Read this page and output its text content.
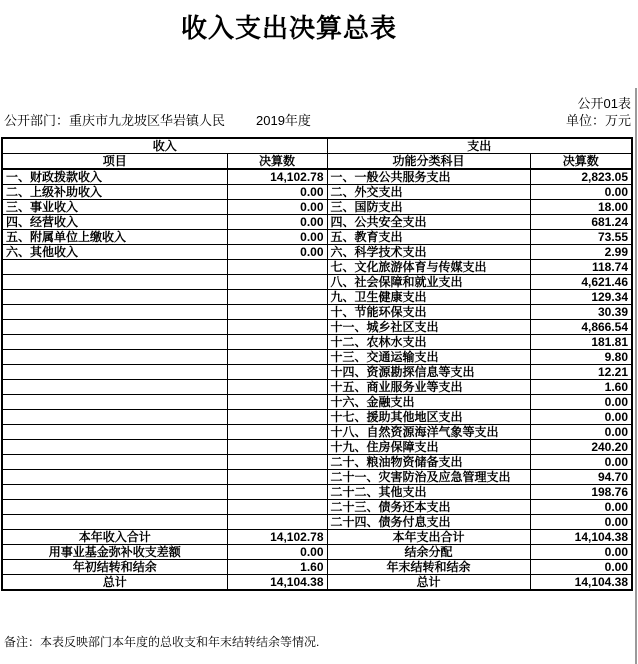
收入支出决算总表
公开01表
公开部门：重庆市九龙坡区华岩镇人民 2019年度	单位：万元
收入		支出	
项目	决算数	功能分类科目	决算数
一、财政拨款收入	14,102.78	一、一般公共服务支出	2,823.05
二、上级补助收入	0.00	二、外交支出	0.00
三、事业收入	0.00	三、国防支出	18.00
四、经营收入	0.00	四、公共安全支出	681.24
五、附属单位上缴收入	0.00	五、教育支出	73.55
六、其他收入	0.00	六、科学技术支出	2.99
		七、文化旅游体育与传媒支出	118.74
		八、社会保障和就业支出	4,621.46
		九、卫生健康支出	129.34
		十、节能环保支出	30.39
		十一、城乡社区支出	4,866.54
		十二、农林水支出	181.81
		十三、交通运输支出	9.80
		十四、资源勘探信息等支出	12.21
		十五、商业服务业等支出	1.60
		十六、金融支出	0.00
		十七、援助其他地区支出	0.00
		十八、自然资源海洋气象等支出	0.00
		十九、住房保障支出	240.20
		二十、粮油物资储备支出	0.00
		二十一、灾害防治及应急管理支出	94.70
		二十二、其他支出	198.76
		二十三、债务还本支出	0.00
		二十四、债务付息支出	0.00
本年收入合计	14,102.78	本年支出合计	14,104.38
用事业基金弥补收支差额	0.00	结余分配	0.00
年初结转和结余	1.60	年末结转和结余	0.00
总计	14,104.38	总计	14,104.38
备注：本表反映部门本年度的总收支和年末结转结余等情况.
